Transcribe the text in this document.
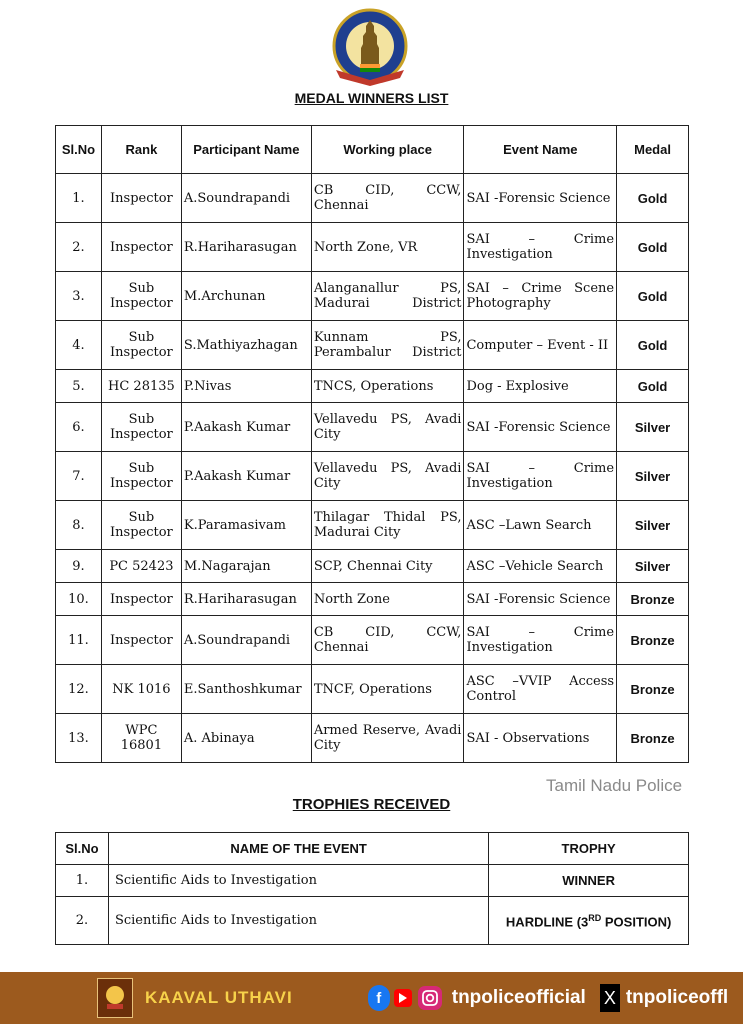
MEDAL WINNERS LIST
Sl.No	Rank	Participant Name	Working place	Event Name	Medal
1.	Inspector	A.Soundrapandi	CB CID, CCW, Chennai	SAI -Forensic Science	Gold
2.	Inspector	R.Hariharasugan	North Zone, VR	SAI – Crime Investigation	Gold
3.	Sub Inspector	M.Archunan	Alanganallur PS, Madurai District	SAI – Crime Scene Photography	Gold
4.	Sub Inspector	S.Mathiyazhagan	Kunnam PS, Perambalur District	Computer – Event - II	Gold
5.	HC 28135	P.Nivas	TNCS, Operations	Dog - Explosive	Gold
6.	Sub Inspector	P.Aakash Kumar	Vellavedu PS, Avadi City	SAI -Forensic Science	Silver
7.	Sub Inspector	P.Aakash Kumar	Vellavedu PS, Avadi City	SAI – Crime Investigation	Silver
8.	Sub Inspector	K.Paramasivam	Thilagar Thidal PS, Madurai City	ASC –Lawn Search	Silver
9.	PC 52423	M.Nagarajan	SCP, Chennai City	ASC –Vehicle Search	Silver
10.	Inspector	R.Hariharasugan	North Zone	SAI -Forensic Science	Bronze
11.	Inspector	A.Soundrapandi	CB CID, CCW, Chennai	SAI – Crime Investigation	Bronze
12.	NK 1016	E.Santhoshkumar	TNCF, Operations	ASC –VVIP Access Control	Bronze
13.	WPC 16801	A. Abinaya	Armed Reserve, Avadi City	SAI - Observations	Bronze
Tamil Nadu Police
TROPHIES RECEIVED
Sl.No	NAME OF THE EVENT	TROPHY
1.	Scientific Aids to Investigation	WINNER
2.	Scientific Aids to Investigation	HARDLINE (3RD POSITION)
KAAVAL UTHAVI	f	tnpoliceofficial X tnpoliceoffl
